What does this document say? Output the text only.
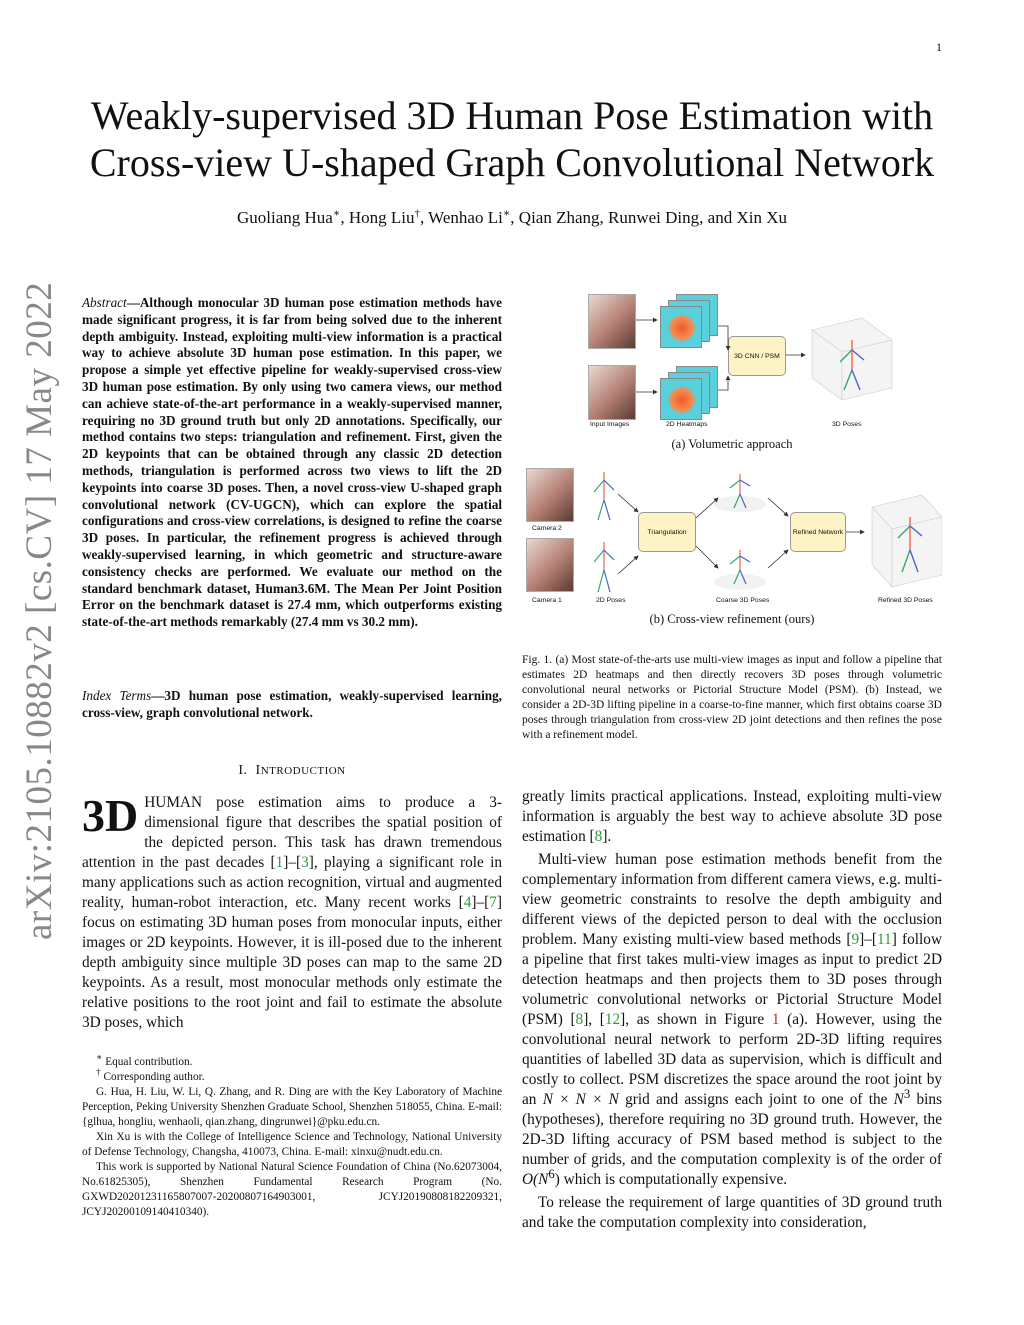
1
arXiv:2105.10882v2 [cs.CV] 17 May 2022
Weakly-supervised 3D Human Pose Estimation with Cross-view U-shaped Graph Convolutional Network
Guoliang Hua∗, Hong Liu†, Wenhao Li∗, Qian Zhang, Runwei Ding, and Xin Xu
Abstract—Although monocular 3D human pose estimation methods have made significant progress, it is far from being solved due to the inherent depth ambiguity. Instead, exploiting multi-view information is a practical way to achieve absolute 3D human pose estimation. In this paper, we propose a simple yet effective pipeline for weakly-supervised cross-view 3D human pose estimation. By only using two camera views, our method can achieve state-of-the-art performance in a weakly-supervised manner, requiring no 3D ground truth but only 2D annotations. Specifically, our method contains two steps: triangulation and refinement. First, given the 2D keypoints that can be obtained through any classic 2D detection methods, triangulation is performed across two views to lift the 2D keypoints into coarse 3D poses. Then, a novel cross-view U-shaped graph convolutional network (CV-UGCN), which can explore the spatial configurations and cross-view correlations, is designed to refine the coarse 3D poses. In particular, the refinement progress is achieved through weakly-supervised learning, in which geometric and structure-aware consistency checks are performed. We evaluate our method on the standard benchmark dataset, Human3.6M. The Mean Per Joint Position Error on the benchmark dataset is 27.4 mm, which outperforms existing state-of-the-art methods remarkably (27.4 mm vs 30.2 mm).
Index Terms—3D human pose estimation, weakly-supervised learning, cross-view, graph convolutional network.
I. INTRODUCTION
3D HUMAN pose estimation aims to produce a 3-dimensional figure that describes the spatial position of the depicted person. This task has drawn tremendous attention in the past decades [1]–[3], playing a significant role in many applications such as action recognition, virtual and augmented reality, human-robot interaction, etc. Many recent works [4]–[7] focus on estimating 3D human poses from monocular inputs, either images or 2D keypoints. However, it is ill-posed due to the inherent depth ambiguity since multiple 3D poses can map to the same 2D keypoints. As a result, most monocular methods only estimate the relative positions to the root joint and fail to estimate the absolute 3D poses, which

∗ Equal contribution.

† Corresponding author.

G. Hua, H. Liu, W. Li, Q. Zhang, and R. Ding are with the Key Laboratory of Machine Perception, Peking University Shenzhen Graduate School, Shenzhen 518055, China. E-mail: {glhua, hongliu, wenhaoli, qian.zhang, dingrunwei}@pku.edu.cn.

Xin Xu is with the College of Intelligence Science and Technology, National University of Defense Technology, Changsha, 410073, China. E-mail: xinxu@nudt.edu.cn.

This work is supported by National Natural Science Foundation of China (No.62073004, No.61825305), Shenzhen Fundamental Research Program (No. GXWD20201231165807007-20200807164903001, JCYJ20190808182209321, JCYJ20200109140410340).

3D CNN / PSM
Input Images	2D Heatmaps	3D Poses
(a) Volumetric approach
Camera 2
Camera 1
Triangulation	Refined Network
2D Poses	Coarse 3D Poses	Refined 3D Poses
(b) Cross-view refinement (ours)
Fig. 1. (a) Most state-of-the-arts use multi-view images as input and follow a pipeline that estimates 2D heatmaps and then directly recovers 3D poses through volumetric convolutional neural networks or Pictorial Structure Model (PSM). (b) Instead, we consider a 2D-3D lifting pipeline in a coarse-to-fine manner, which first obtains coarse 3D poses through triangulation from cross-view 2D joint detections and then refines the pose with a refinement model.

greatly limits practical applications. Instead, exploiting multi-view information is arguably the best way to achieve absolute 3D pose estimation [8].

Multi-view human pose estimation methods benefit from the complementary information from different camera views, e.g. multi-view geometric constraints to resolve the depth ambiguity and different views of the depicted person to deal with the occlusion problem. Many existing multi-view based methods [9]–[11] follow a pipeline that first takes multi-view images as input to predict 2D detection heatmaps and then projects them to 3D poses through volumetric convolutional networks or Pictorial Structure Model (PSM) [8], [12], as shown in Figure 1 (a). However, using the convolutional neural network to perform 2D-3D lifting requires quantities of labelled 3D data as supervision, which is difficult and costly to collect. PSM discretizes the space around the root joint by an N × N × N grid and assigns each joint to one of the $N^3$ bins (hypotheses), therefore requiring no 3D ground truth. However, the 2D-3D lifting accuracy of PSM based method is subject to the number of grids, and the computation complexity is of the order of $O(N^6)$ which is computationally expensive.

To release the requirement of large quantities of 3D ground truth and take the computation complexity into consideration,
